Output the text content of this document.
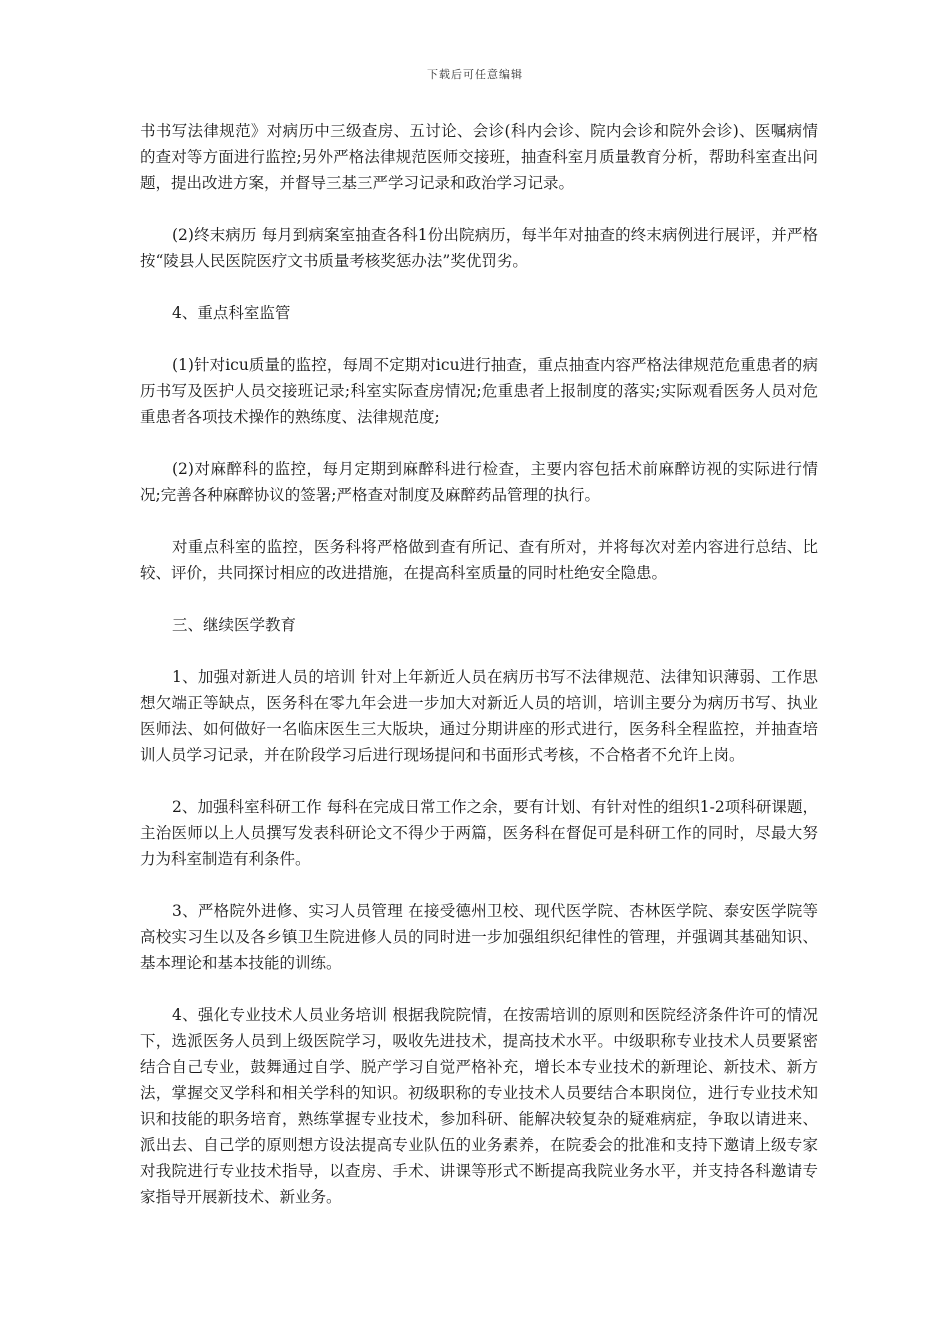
下载后可任意编辑

书书写法律规范》对病历中三级查房、五讨论、会诊(科内会诊、院内会诊和院外会诊)、医嘱病情的查对等方面进行监控;另外严格法律规范医师交接班，抽查科室月质量教育分析，帮助科室查出问题，提出改进方案，并督导三基三严学习记录和政治学习记录。

(2)终末病历 每月到病案室抽查各科1份出院病历，每半年对抽查的终末病例进行展评，并严格按“陵县人民医院医疗文书质量考核奖惩办法”奖优罚劣。

4、重点科室监管

(1)针对icu质量的监控，每周不定期对icu进行抽查，重点抽查内容严格法律规范危重患者的病历书写及医护人员交接班记录;科室实际查房情况;危重患者上报制度的落实;实际观看医务人员对危重患者各项技术操作的熟练度、法律规范度;

(2)对麻醉科的监控，每月定期到麻醉科进行检查，主要内容包括术前麻醉访视的实际进行情况;完善各种麻醉协议的签署;严格查对制度及麻醉药品管理的执行。

对重点科室的监控，医务科将严格做到查有所记、查有所对，并将每次对差内容进行总结、比较、评价，共同探讨相应的改进措施，在提高科室质量的同时杜绝安全隐患。

三、继续医学教育

1、加强对新进人员的培训 针对上年新近人员在病历书写不法律规范、法律知识薄弱、工作思想欠端正等缺点，医务科在零九年会进一步加大对新近人员的培训，培训主要分为病历书写、执业医师法、如何做好一名临床医生三大版块，通过分期讲座的形式进行，医务科全程监控，并抽查培训人员学习记录，并在阶段学习后进行现场提问和书面形式考核，不合格者不允许上岗。

2、加强科室科研工作 每科在完成日常工作之余，要有计划、有针对性的组织1-2项科研课题，主治医师以上人员撰写发表科研论文不得少于两篇，医务科在督促可是科研工作的同时，尽最大努力为科室制造有利条件。

3、严格院外进修、实习人员管理 在接受德州卫校、现代医学院、杏林医学院、泰安医学院等高校实习生以及各乡镇卫生院进修人员的同时进一步加强组织纪律性的管理，并强调其基础知识、基本理论和基本技能的训练。

4、强化专业技术人员业务培训 根据我院院情，在按需培训的原则和医院经济条件许可的情况下，选派医务人员到上级医院学习，吸收先进技术，提高技术水平。中级职称专业技术人员要紧密结合自己专业，鼓舞通过自学、脱产学习自觉严格补充，增长本专业技术的新理论、新技术、新方法，掌握交叉学科和相关学科的知识。初级职称的专业技术人员要结合本职岗位，进行专业技术知识和技能的职务培育，熟练掌握专业技术，参加科研、能解决较复杂的疑难病症，争取以请进来、派出去、自己学的原则想方设法提高专业队伍的业务素养，在院委会的批准和支持下邀请上级专家对我院进行专业技术指导，以查房、手术、讲课等形式不断提高我院业务水平，并支持各科邀请专家指导开展新技术、新业务。
